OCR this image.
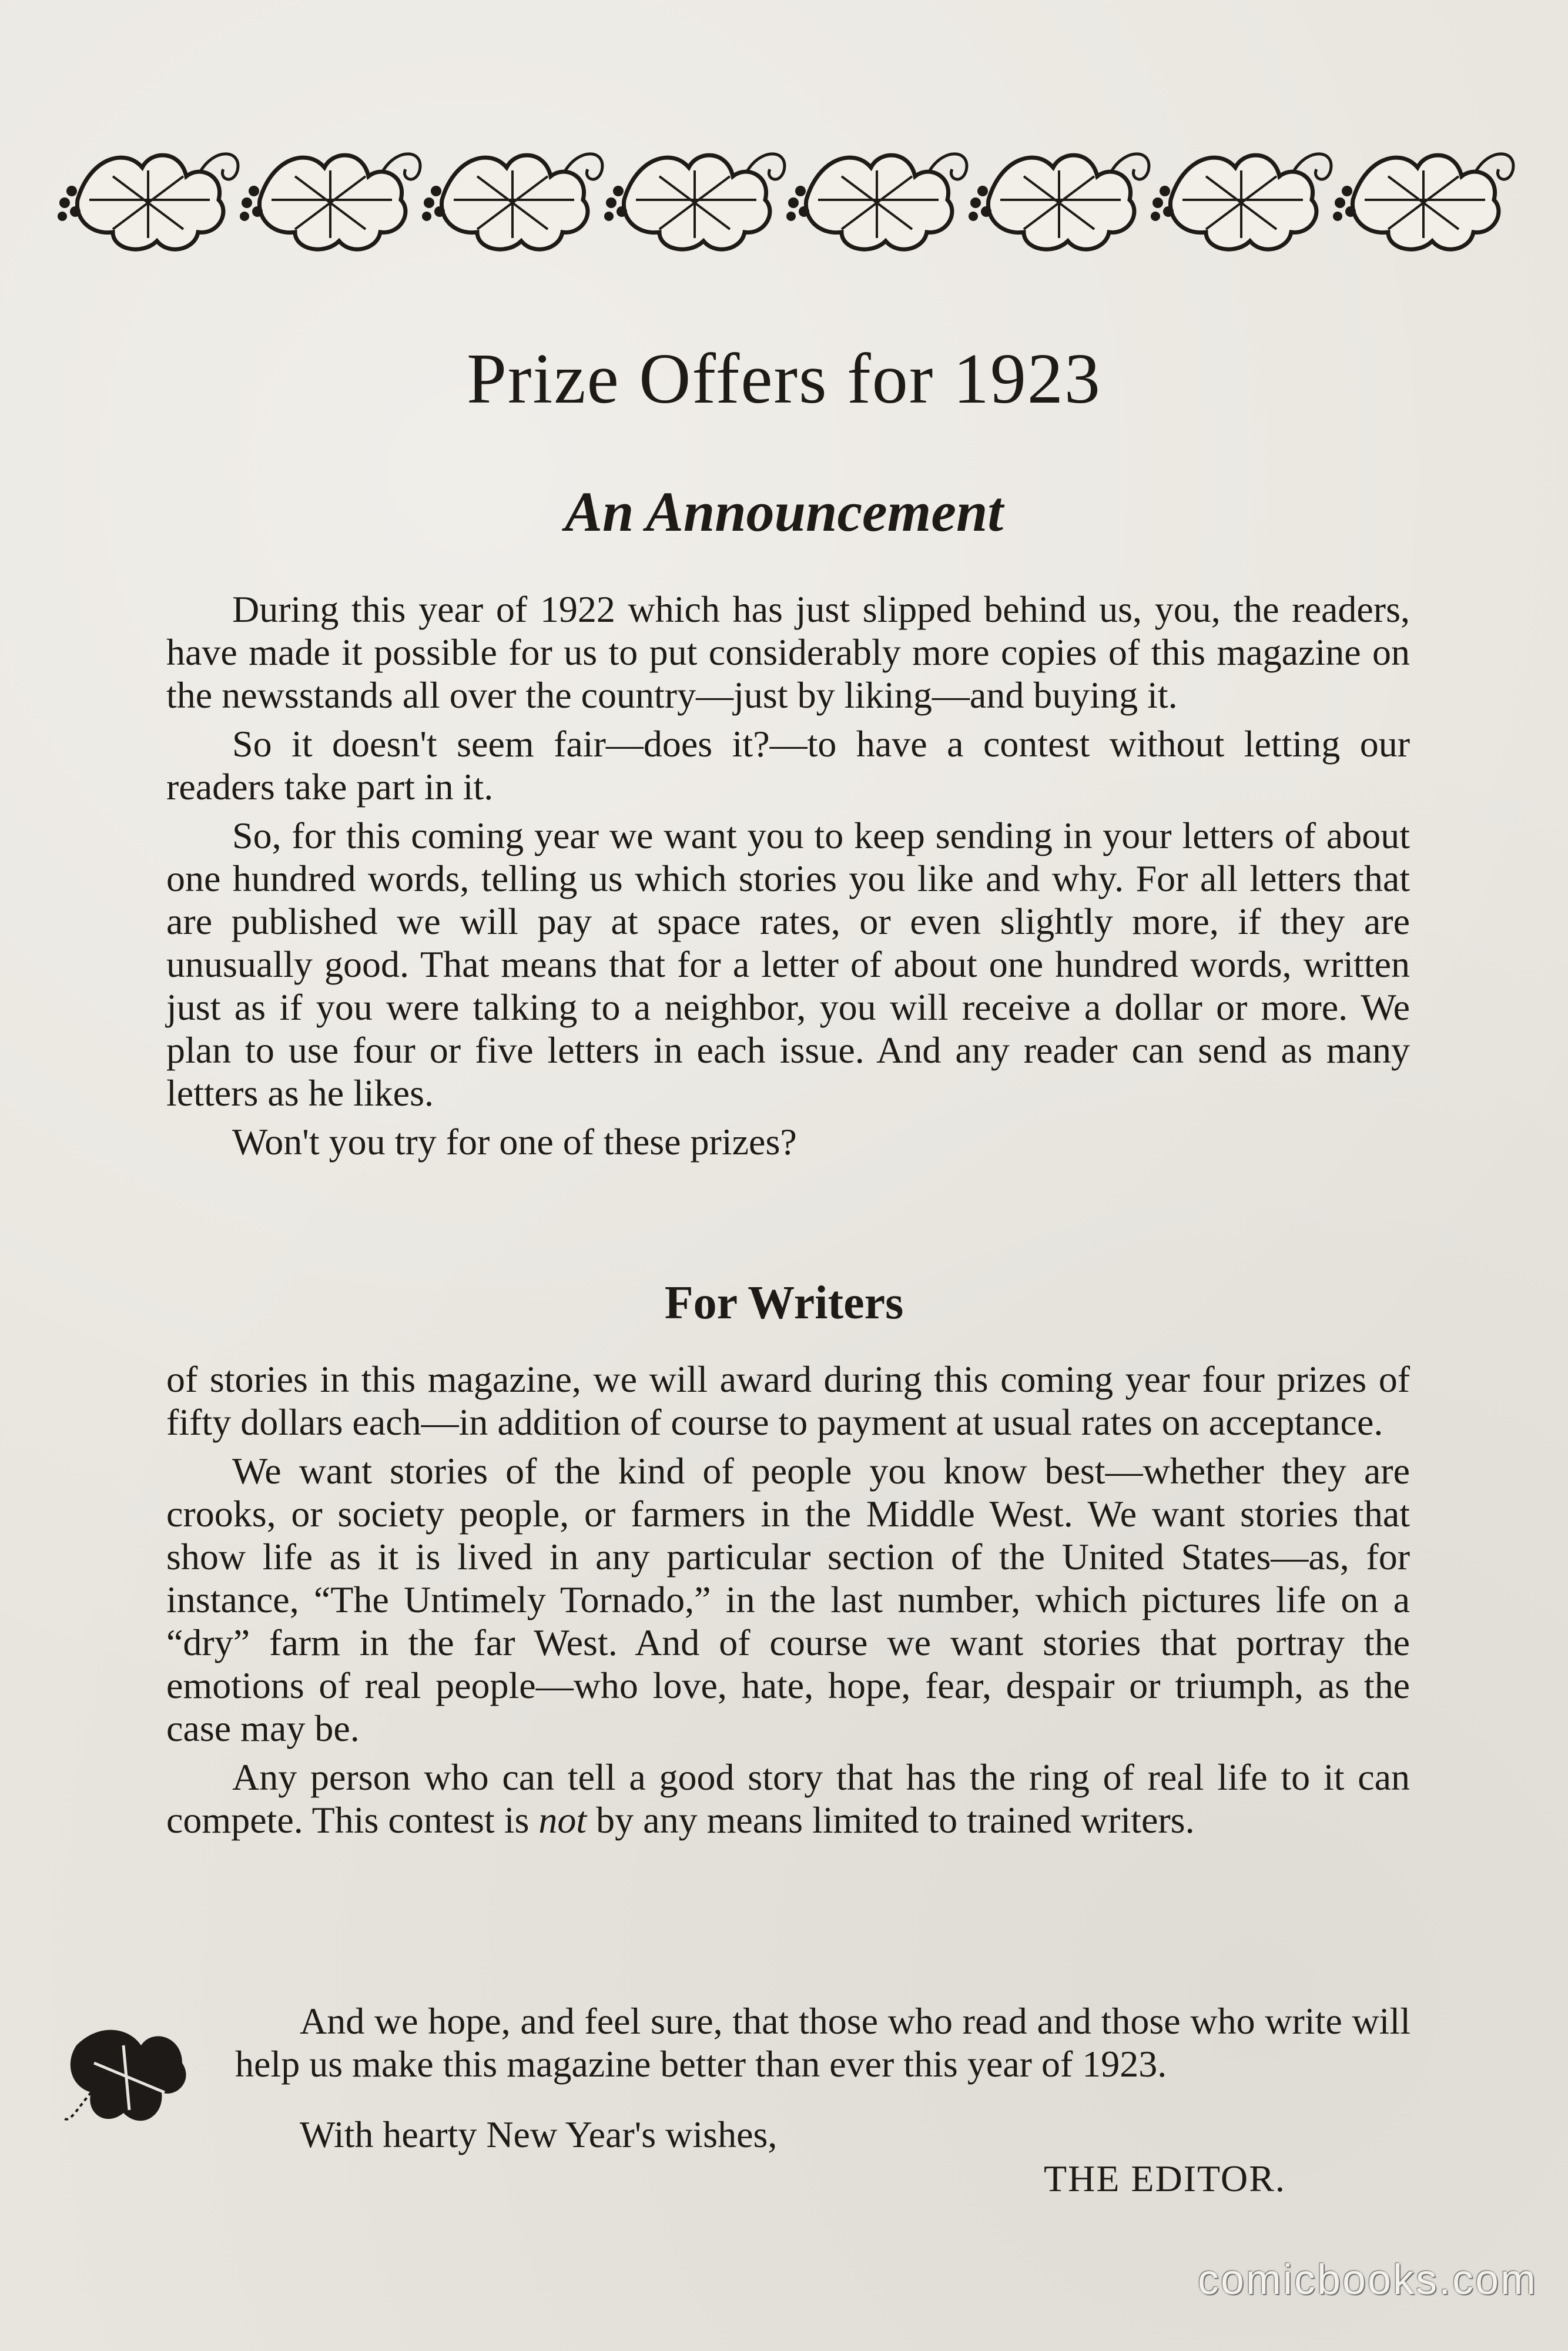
Prize Offers for 1923
An Announcement

During this year of 1922 which has just slipped behind us, you, the readers, have made it possible for us to put considerably more copies of this magazine on the newsstands all over the country—just by liking—and buying it.

So it doesn't seem fair—does it?—to have a contest without letting our readers take part in it.

So, for this coming year we want you to keep sending in your letters of about one hundred words, telling us which stories you like and why. For all letters that are published we will pay at space rates, or even slightly more, if they are unusually good. That means that for a letter of about one hundred words, written just as if you were talking to a neighbor, you will receive a dollar or more. We plan to use four or five letters in each issue. And any reader can send as many letters as he likes.

Won't you try for one of these prizes?

For Writers

of stories in this magazine, we will award during this coming year four prizes of fifty dollars each—in addition of course to payment at usual rates on acceptance.

We want stories of the kind of people you know best—whether they are crooks, or society people, or farmers in the Middle West. We want stories that show life as it is lived in any particular section of the United States—as, for instance, “The Untimely Tornado,” in the last number, which pictures life on a “dry” farm in the far West. And of course we want stories that portray the emotions of real people—who love, hate, hope, fear, despair or triumph, as the case may be.

Any person who can tell a good story that has the ring of real life to it can compete. This contest is not by any means limited to trained writers.

And we hope, and feel sure, that those who read and those who write will help us make this magazine better than ever this year of 1923.

With hearty New Year's wishes,

THE EDITOR.

comicbooks.com
